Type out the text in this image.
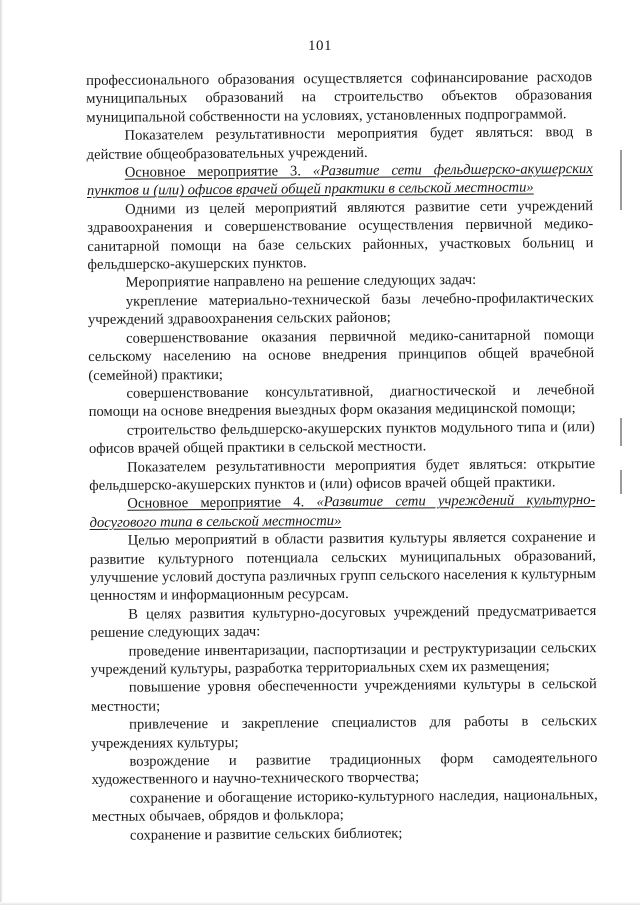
101

профессионального образования осуществляется софинансирование расходов муниципальных образований на строительство объектов образования муниципальной собственности на условиях, установленных подпрограммой.

Показателем результативности мероприятия будет являться: ввод в действие общеобразовательных учреждений.

Основное мероприятие 3. «Развитие сети фельдшерско-акушерских пунктов и (или) офисов врачей общей практики в сельской местности»

Одними из целей мероприятий являются развитие сети учреждений здравоохранения и совершенствование осуществления первичной медико-санитарной помощи на базе сельских районных, участковых больниц и фельдшерско-акушерских пунктов.

Мероприятие направлено на решение следующих задач:

укрепление материально-технической базы лечебно-профилактических учреждений здравоохранения сельских районов;

совершенствование оказания первичной медико-санитарной помощи сельскому населению на основе внедрения принципов общей врачебной (семейной) практики;

совершенствование консультативной, диагностической и лечебной помощи на основе внедрения выездных форм оказания медицинской помощи;

строительство фельдшерско-акушерских пунктов модульного типа и (или) офисов врачей общей практики в сельской местности.

Показателем результативности мероприятия будет являться: открытие фельдшерско-акушерских пунктов и (или) офисов врачей общей практики.

Основное мероприятие 4. «Развитие сети учреждений культурно-досугового типа в сельской местности»

Целью мероприятий в области развития культуры является сохранение и развитие культурного потенциала сельских муниципальных образований, улучшение условий доступа различных групп сельского населения к культурным ценностям и информационным ресурсам.

В целях развития культурно-досуговых учреждений предусматривается решение следующих задач:

проведение инвентаризации, паспортизации и реструктуризации сельских учреждений культуры, разработка территориальных схем их размещения;

повышение уровня обеспеченности учреждениями культуры в сельской местности;

привлечение и закрепление специалистов для работы в сельских учреждениях культуры;

возрождение и развитие традиционных форм самодеятельного художественного и научно-технического творчества;

сохранение и обогащение историко-культурного наследия, национальных, местных обычаев, обрядов и фольклора;

сохранение и развитие сельских библиотек;
